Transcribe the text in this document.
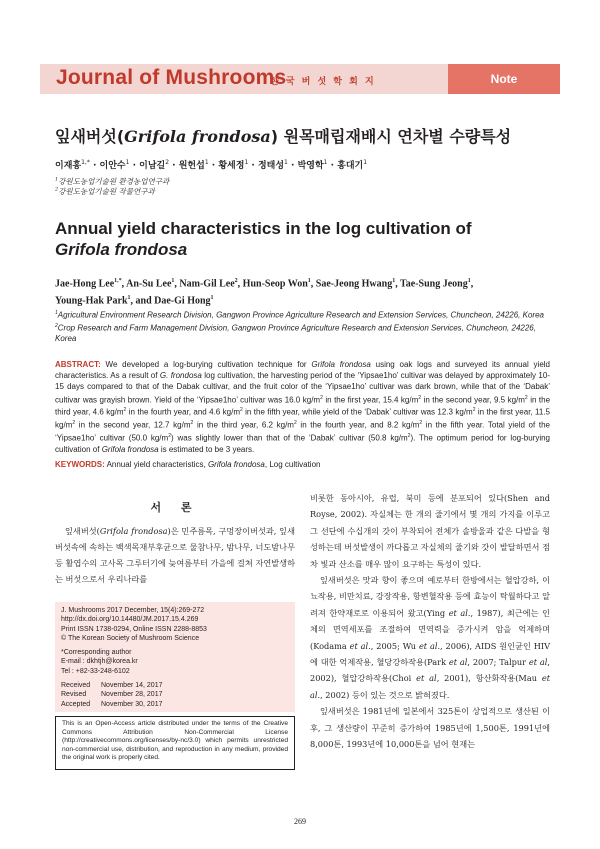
Journal of Mushrooms
한 국 버 섯 학 회 지	Note
잎새버섯(Grifola frondosa) 원목매립재배시 연차별 수량특성
이재홍$^{1,*}$ · 이안수$^1$ · 이남길$^2$ · 원헌섭$^1$ · 황세정$^1$ · 정태성$^1$ · 박영학$^1$ · 홍대기$^1$
$^1$강원도농업기술원 환경농업연구과
$^2$강원도농업기술원 작물연구과
Annual yield characteristics in the log cultivation of
Grifola frondosa
Jae-Hong Lee$^{1,*}$, An-Su Lee$^1$, Nam-Gil Lee$^2$, Hun-Seop Won$^1$, Sae-Jeong Hwang$^1$, Tae-Sung Jeong$^1$,
Young-Hak Park$^1$, and Dae-Gi Hong$^1$
$^1$Agricultural Environment Research Division, Gangwon Province Agriculture Research and Extension Services, Chuncheon, 24226, Korea
$^2$Crop Research and Farm Management Division, Gangwon Province Agriculture Research and Extension Services, Chuncheon, 24226, Korea
ABSTRACT: We developed a log-burying cultivation technique for Grifola frondosa using oak logs and surveyed its annual yield characteristics. As a result of G. frondosa log cultivation, the harvesting period of the ‘Yipsae1ho’ cultivar was delayed by approximately 10-15 days compared to that of the Dabak cultivar, and the fruit color of the ‘Yipsae1ho’ cultivar was dark brown, while that of the ‘Dabak’ cultivar was grayish brown. Yield of the ‘Yipsae1ho’ cultivar was 16.0 $kg/m^2$ in the first year, 15.4 $kg/m^2$ in the second year, 9.5 $kg/m^2$ in the third year, 4.6 $kg/m^2$ in the fourth year, and 4.6 $kg/m^2$ in the fifth year, while yield of the ‘Dabak’ cultivar was 12.3 $kg/m^2$ in the first year, 11.5 $kg/m^2$ in the second year, 12.7 $kg/m^2$ in the third year, 6.2 $kg/m^2$ in the fourth year, and 8.2 $kg/m^2$ in the fifth year. Total yield of the ‘Yipsae1ho’ cultivar (50.0 $kg/m^2$) was slightly lower than that of the ‘Dabak’ cultivar (50.8 $kg/m^2$). The optimum period for log-burying cultivation of Grifola frondosa is estimated to be 3 years.
KEYWORDS: Annual yield characteristics, Grifola frondosa, Log cultivation
서 론

잎새버섯(Grifola frondosa)은 민주름목, 구멍장이버섯과, 잎새버섯속에 속하는 백색목재부후균으로 물참나무, 밤나무, 너도밤나무 등 활엽수의 고사목 그루터기에 늦여름부터 가을에 걸쳐 자연발생하는 버섯으로서 우리나라를

J. Mushrooms 2017 December, 15(4):269-272
http://dx.doi.org/10.14480/JM.2017.15.4.269
Print ISSN 1738-0294, Online ISSN 2288-8853
© The Korean Society of Mushroom Science
*Corresponding author
E-mail : dkhtjh@korea.kr
Tel : +82-33-248-6102
Received November 14, 2017
Revised November 28, 2017
Accepted November 30, 2017
This is an Open-Access article distributed under the terms of the Creative Commons Attribution Non-Commercial License (http://creativecommons.org/licenses/by-nc/3.0) which permits unrestricted non-commercial use, distribution, and reproduction in any medium, provided the original work is properly cited.

비롯한 동아시아, 유럽, 북미 등에 분포되어 있다(Shen and Royse, 2002). 자실체는 한 개의 줄기에서 몇 개의 가지를 이루고 그 선단에 수십개의 갓이 부착되어 전체가 솔방울과 같은 다발을 형성하는데 버섯발생이 까다롭고 자실체의 줄기와 갓이 발달하면서 점차 빛과 산소를 매우 많이 요구하는 특성이 있다.

잎새버섯은 맛과 향이 좋으며 예로부터 한방에서는 혈압강하, 이뇨작용, 비만치료, 강장작용, 항변혈작용 등에 효능이 탁월하다고 알려져 한약재로로 이용되어 왔고(Ying et al., 1987), 최근에는 인체의 면역세포를 조절하여 면역력을 증가시켜 암을 억제하며(Kodama et al., 2005; Wu et al., 2006), AIDS 원인균인 HIV에 대한 억제작용, 혈당강하작용(Park et al, 2007; Talpur et al, 2002), 혈압강하작용(Choi et al, 2001), 항산화작용(Mau et al., 2002) 등이 있는 것으로 밝혀졌다.

잎새버섯은 1981년에 일본에서 325톤이 상업적으로 생산된 이후, 그 생산량이 꾸준히 증가하여 1985년에 1,500톤, 1991년에 8,000톤, 1993년에 10,000톤을 넘어 현재는

269
